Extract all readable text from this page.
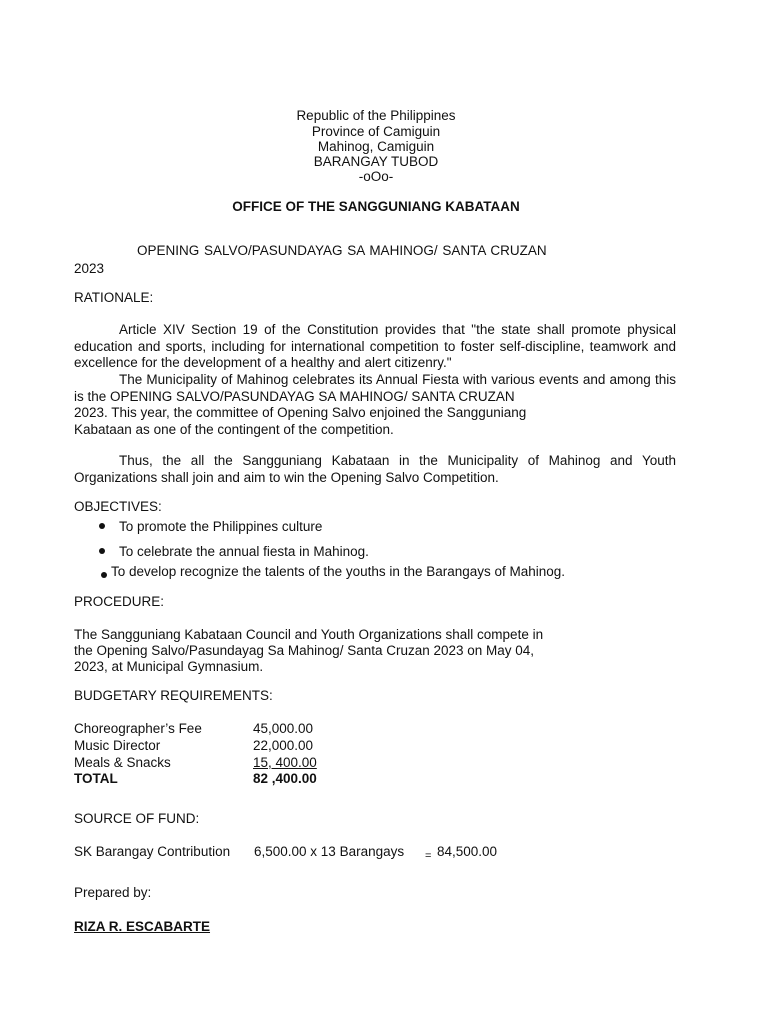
Republic of the Philippines
Province of Camiguin
Mahinog, Camiguin
BARANGAY TUBOD
-oOo-
OFFICE OF THE SANGGUNIANG KABATAAN
OPENING SALVO/PASUNDAYAG SA MAHINOG/ SANTA CRUZAN
2023
RATIONALE:
Article XIV Section 19 of the Constitution provides that "the state shall promote physical education and sports, including for international competition to foster self-discipline, teamwork and excellence for the development of a healthy and alert citizenry."
The Municipality of Mahinog celebrates its Annual Fiesta with various events and among this is the OPENING SALVO/PASUNDAYAG SA MAHINOG/ SANTA CRUZAN
2023. This year, the committee of Opening Salvo enjoined the Sangguniang
Kabataan as one of the contingent of the competition.
Thus, the all the Sangguniang Kabataan in the Municipality of Mahinog and Youth Organizations shall join and aim to win the Opening Salvo Competition.
OBJECTIVES:
To promote the Philippines culture
To celebrate the annual fiesta in Mahinog.
To develop recognize the talents of the youths in the Barangays of Mahinog.
PROCEDURE:
The Sangguniang Kabataan Council and Youth Organizations shall compete in
the Opening Salvo/Pasundayag Sa Mahinog/ Santa Cruzan 2023 on May 04,
2023, at Municipal Gymnasium.
BUDGETARY REQUIREMENTS:
Choreographer’s Fee	45,000.00
Music Director	22,000.00
Meals & Snacks	15, 400.00
TOTAL	82 ,400.00
SOURCE OF FUND:
SK Barangay Contribution 6,500.00 x 13 Barangays = 84,500.00
Prepared by:
RIZA R. ESCABARTE
